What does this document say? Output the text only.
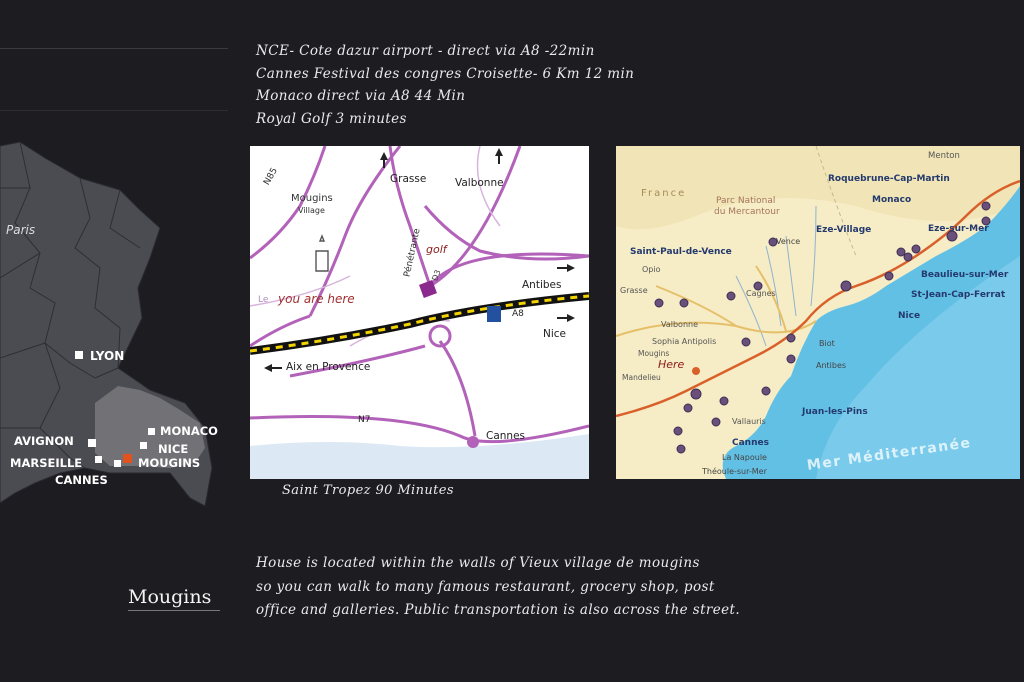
NCE- Cote dazur airport - direct via A8 -22min
Cannes Festival des congres Croisette- 6 Km 12 min
Monaco direct via A8 44 Min
Royal Golf 3 minutes
Paris
LYON
AVIGNON
MARSEILLE
CANNES
MOUGINS
NICE
MONACO
Mougins
N85
Mougins
Village
Grasse	Valbonne
Pénétrante golf
D3
Antibes
Le you are here
A8
Nice
Aix en Provence
N7
Cannes
Saint Tropez 90 Minutes
France
Parc National
du Mercantour
Menton
Roquebrune-Cap-Martin
Monaco
Eze-Village	Eze-sur-Mer
Beaulieu-sur-Mer
St-Jean-Cap-Ferrat
Nice
Vence
Saint-Paul-de-Vence
Opio
Grasse	Cagnes
Valbonne
Sophia Antipolis
Mougins
Here
Mandelieu
Biot
Antibes
Vallauris
Juan-les-Pins
Cannes
La Napoule
Théoule-sur-Mer	Mer Méditerranée
House is located within the walls of Vieux village de mougins
so you can walk to many famous restaurant, grocery shop, post
office and galleries. Public transportation is also across the street.
